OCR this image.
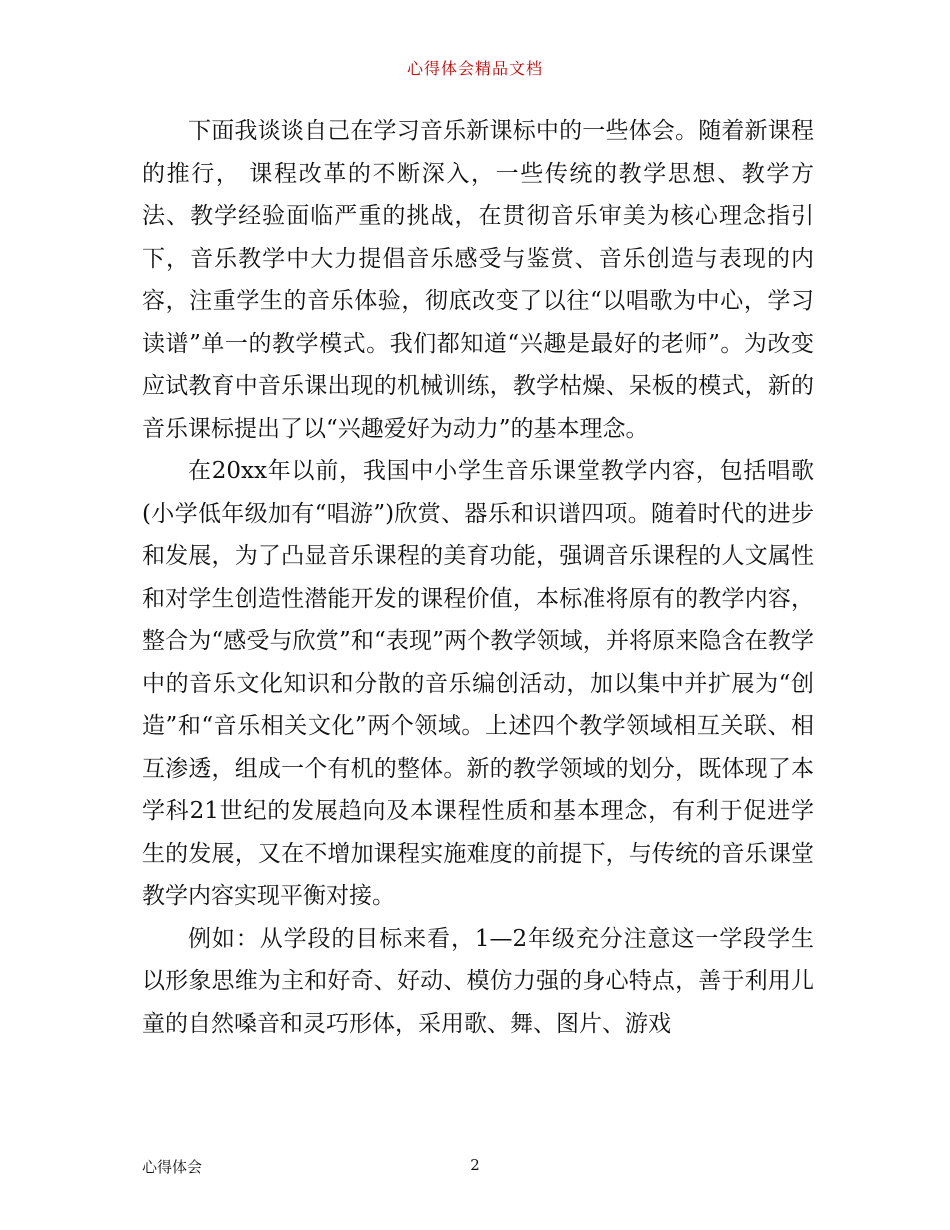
心得体会精品文档

下面我谈谈自己在学习音乐新课标中的一些体会。随着新课程的推行， 课程改革的不断深入，一些传统的教学思想、教学方法、教学经验面临严重的挑战，在贯彻音乐审美为核心理念指引下，音乐教学中大力提倡音乐感受与鉴赏、音乐创造与表现的内容，注重学生的音乐体验，彻底改变了以往“以唱歌为中心，学习读谱”单一的教学模式。我们都知道“兴趣是最好的老师”。为改变应试教育中音乐课出现的机械训练，教学枯燥、呆板的模式，新的音乐课标提出了以“兴趣爱好为动力”的基本理念。

在20xx年以前，我国中小学生音乐课堂教学内容，包括唱歌(小学低年级加有“唱游”)欣赏、器乐和识谱四项。随着时代的进步和发展，为了凸显音乐课程的美育功能，强调音乐课程的人文属性和对学生创造性潜能开发的课程价值，本标准将原有的教学内容，整合为“感受与欣赏”和“表现”两个教学领域，并将原来隐含在教学中的音乐文化知识和分散的音乐编创活动，加以集中并扩展为“创造”和“音乐相关文化”两个领域。上述四个教学领域相互关联、相互渗透，组成一个有机的整体。新的教学领域的划分，既体现了本学科21世纪的发展趋向及本课程性质和基本理念，有利于促进学生的发展，又在不增加课程实施难度的前提下，与传统的音乐课堂教学内容实现平衡对接。

例如：从学段的目标来看，1—2年级充分注意这一学段学生以形象思维为主和好奇、好动、模仿力强的身心特点，善于利用儿童的自然嗓音和灵巧形体，采用歌、舞、图片、游戏

心得体会	2
